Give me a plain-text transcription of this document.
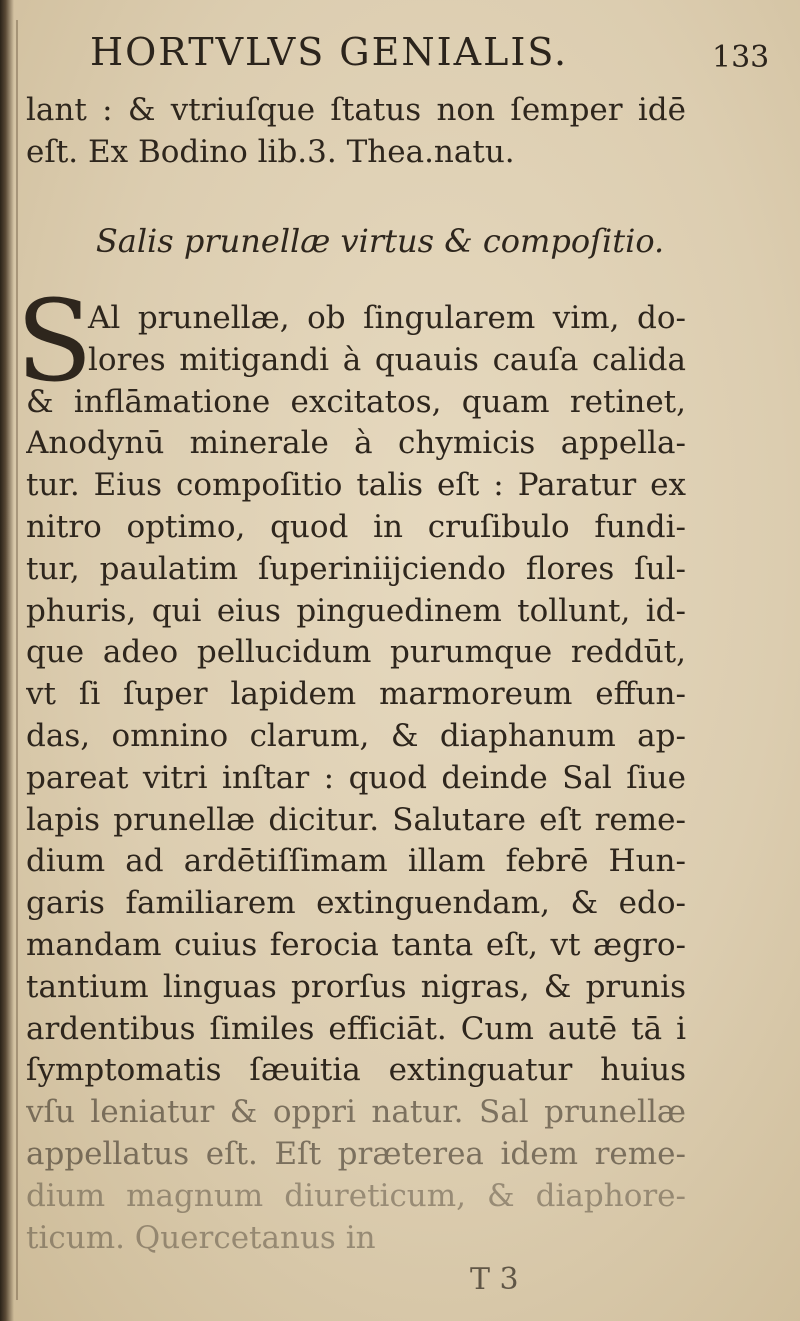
HORTVLVS GENIALIS.	133
lant : & vtriuſque ſtatus non ſemper idē
eſt. Ex Bodino lib.3. Thea.natu.
Salis prunellæ virtus & compoſitio.
S
Al prunellæ, ob ſingularem vim, do-
lores mitigandi à quauis cauſa calida
& inflāmatione excitatos, quam retinet,
Anodynū minerale à chymicis appella-
tur. Eius compoſitio talis eſt : Paratur ex
nitro optimo, quod in cruſibulo fundi-
tur, paulatim ſuperiniijciendo flores ſul-
phuris, qui eius pinguedinem tollunt, id-
que adeo pellucidum purumque reddūt,
vt ſi ſuper lapidem marmoreum effun-
das, omnino clarum, & diaphanum ap-
pareat vitri inſtar : quod deinde Sal ſiue
lapis prunellæ dicitur. Salutare eſt reme-
dium ad ardētiſſimam illam febrē Hun-
garis familiarem extinguendam, & edo-
mandam cuius ferocia tanta eſt, vt ægro-
tantium linguas prorſus nigras, & prunis
ardentibus ſimiles efficiāt. Cum autē tā i
ſymptomatis ſæuitia extinguatur huius
vſu leniatur & oppri natur. Sal prunellæ
appellatus eſt. Eſt præterea idem reme-
dium magnum diureticum, & diaphore-
ticum. Quercetanus in
T 3
